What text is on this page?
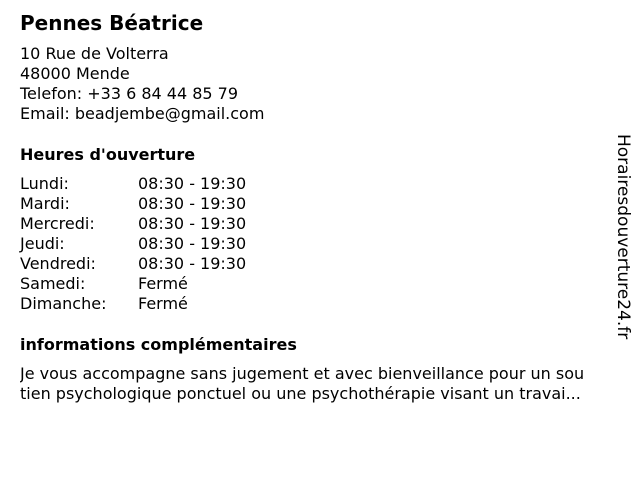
Pennes Béatrice
10 Rue de Volterra
48000 Mende
Telefon: +33 6 84 44 85 79
Email: beadjembe@gmail.com
Heures d'ouverture
Lundi:	08:30 - 19:30
Mardi:	08:30 - 19:30
Mercredi:	08:30 - 19:30
Jeudi:	08:30 - 19:30
Vendredi:	08:30 - 19:30
Samedi:	Fermé
Dimanche:	Fermé
informations complémentaires
Je vous accompagne sans jugement et avec bienveillance pour un sou
tien psychologique ponctuel ou une psychothérapie visant un travai...
Horairesdouverture24.fr
